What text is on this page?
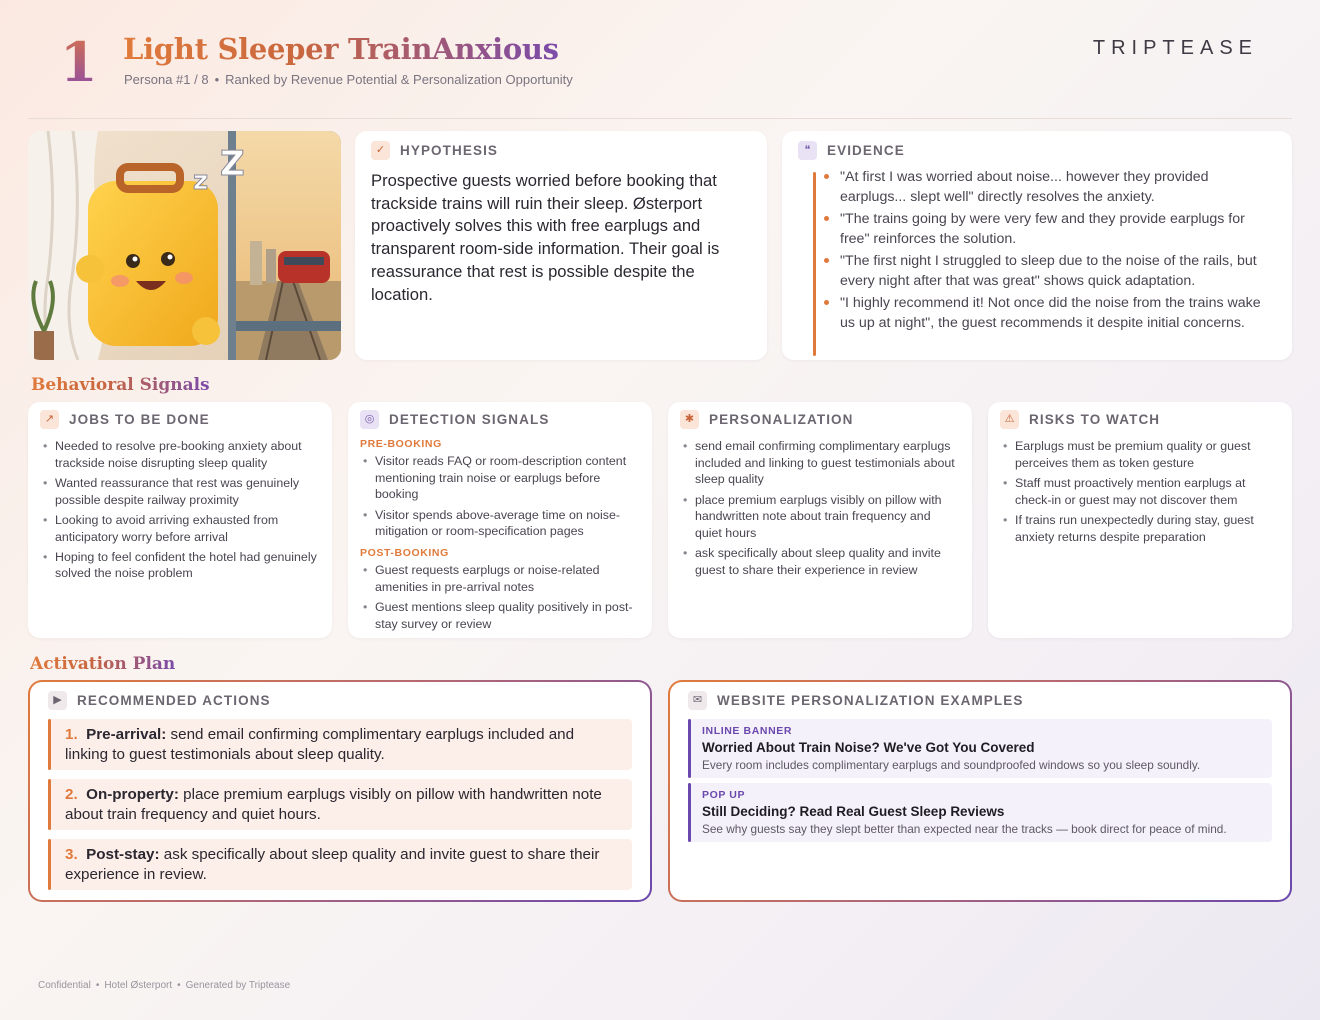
1 Light Sleeper TrainAnxious
Persona #1 / 8 • Ranked by Revenue Potential & Personalization Opportunity
TRIPTEASE
z Z	✓	HYPOTHESIS

Prospective guests worried before booking that trackside trains will ruin their sleep. Østerport proactively solves this with free earplugs and transparent room-side information. Their goal is reassurance that rest is possible despite the location.

❝	EVIDENCE
"At first I was worried about noise... however they provided earplugs... slept well" directly resolves the anxiety.
"The trains going by were very few and they provide earplugs for free" reinforces the solution.
"The first night I struggled to sleep due to the noise of the rails, but every night after that was great" shows quick adaptation.
"I highly recommend it! Not once did the noise from the trains wake us up at night", the guest recommends it despite initial concerns.
Behavioral Signals
↗	JOBS TO BE DONE
• Needed to resolve pre-booking anxiety about trackside noise disrupting sleep quality
• Wanted reassurance that rest was genuinely possible despite railway proximity
• Looking to avoid arriving exhausted from anticipatory worry before arrival
• Hoping to feel confident the hotel had genuinely solved the noise problem
◎	DETECTION SIGNALS
PRE-BOOKING
• Visitor reads FAQ or room-description content mentioning train noise or earplugs before booking
• Visitor spends above-average time on noise-mitigation or room-specification pages
POST-BOOKING
• Guest requests earplugs or noise-related amenities in pre-arrival notes
• Guest mentions sleep quality positively in post-stay survey or review
✱	PERSONALIZATION
• send email confirming complimentary earplugs included and linking to guest testimonials about sleep quality
• place premium earplugs visibly on pillow with handwritten note about train frequency and quiet hours
• ask specifically about sleep quality and invite guest to share their experience in review
⚠	RISKS TO WATCH
• Earplugs must be premium quality or guest perceives them as token gesture
• Staff must proactively mention earplugs at check-in or guest may not discover them
• If trains run unexpectedly during stay, guest anxiety returns despite preparation
Activation Plan
▶	RECOMMENDED ACTIONS
1. Pre-arrival: send email confirming complimentary earplugs included and linking to guest testimonials about sleep quality.
2. On-property: place premium earplugs visibly on pillow with handwritten note about train frequency and quiet hours.
3. Post-stay: ask specifically about sleep quality and invite guest to share their experience in review.
✉	WEBSITE PERSONALIZATION EXAMPLES
INLINE BANNER
Worried About Train Noise? We've Got You Covered
Every room includes complimentary earplugs and soundproofed windows so you sleep soundly.
POP UP
Still Deciding? Read Real Guest Sleep Reviews
See why guests say they slept better than expected near the tracks — book direct for peace of mind.
Confidential • Hotel Østerport • Generated by Triptease
